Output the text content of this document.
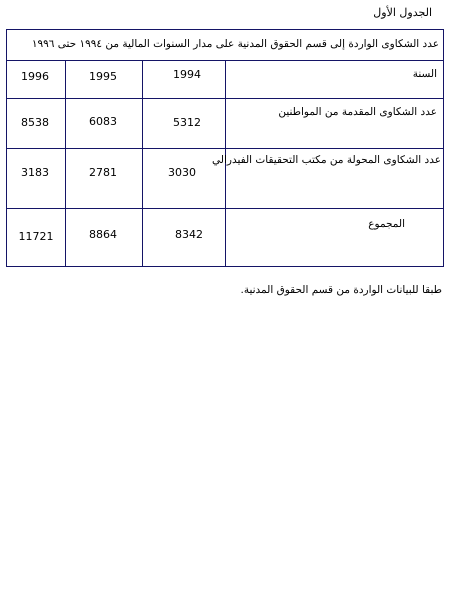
الجدول الأول
عدد الشكاوى الواردة إلى قسم الحقوق المدنية على مدار السنوات المالية من ١٩٩٤ حتى ١٩٩٦
السنة
1994
1995
1996
عدد الشكاوى المقدمة من المواطنين
5312
6083
8538
عدد الشكاوى المحولة من مكتب التحقيقات الفيدرالي
3030
2781
3183
المجموع
8342
8864
11721
طبقا للبيانات الواردة من قسم الحقوق المدنية.
